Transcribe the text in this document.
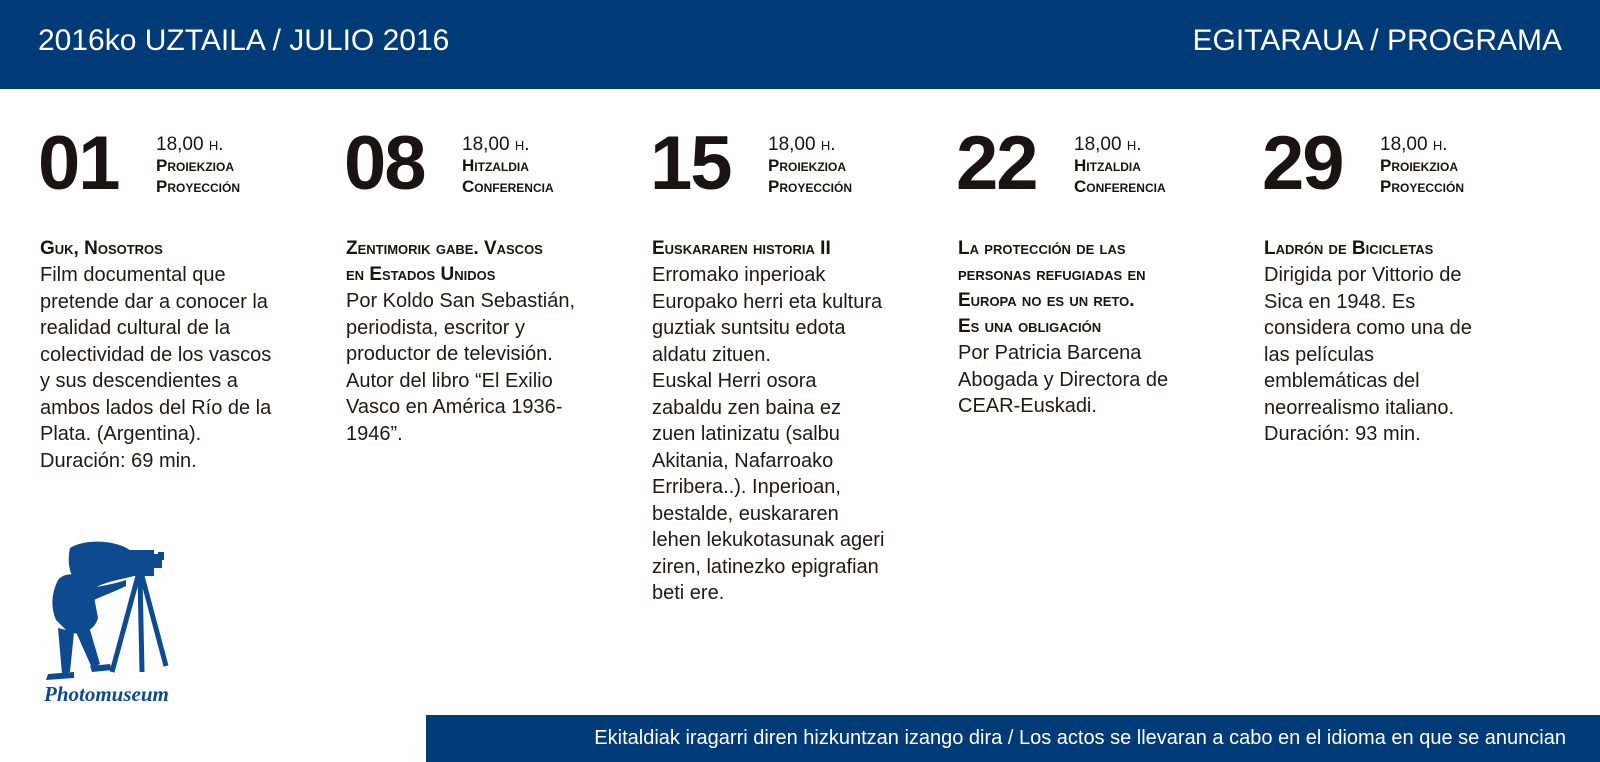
2016ko UZTAILA / JULIO 2016	EGITARAUA / PROGRAMA
01 18,00 h.
Proiekzioa
Proyección
Guk, Nosotros
Film documental que
pretende dar a conocer la
realidad cultural de la
colectividad de los vascos
y sus descendientes a
ambos lados del Río de la
Plata. (Argentina).
Duración: 69 min.
08 18,00 h.
Hitzaldia
Conferencia
Zentimorik gabe. Vascos
en Estados Unidos
Por Koldo San Sebastián,
periodista, escritor y
productor de televisión.
Autor del libro “El Exilio
Vasco en América 1936-
1946”.
15 18,00 h.
Proiekzioa
Proyección
Euskararen historia II
Erromako inperioak
Europako herri eta kultura
guztiak suntsitu edota
aldatu zituen.
Euskal Herri osora
zabaldu zen baina ez
zuen latinizatu (salbu
Akitania, Nafarroako
Erribera..). Inperioan,
bestalde, euskararen
lehen lekukotasunak ageri
ziren, latinezko epigrafian
beti ere.
22 18,00 h.
Hitzaldia
Conferencia
La protección de las
personas refugiadas en
Europa no es un reto.
Es una obligación
Por Patricia Barcena
Abogada y Directora de
CEAR-Euskadi.
29 18,00 h.
Proiekzioa
Proyección
Ladrón de Bicicletas
Dirigida por Vittorio de
Sica en 1948. Es
considera como una de
las películas
emblemáticas del
neorrealismo italiano.
Duración: 93 min.
Photomuseum
Ekitaldiak iragarri diren hizkuntzan izango dira / Los actos se llevaran a cabo en el idioma en que se anuncian
